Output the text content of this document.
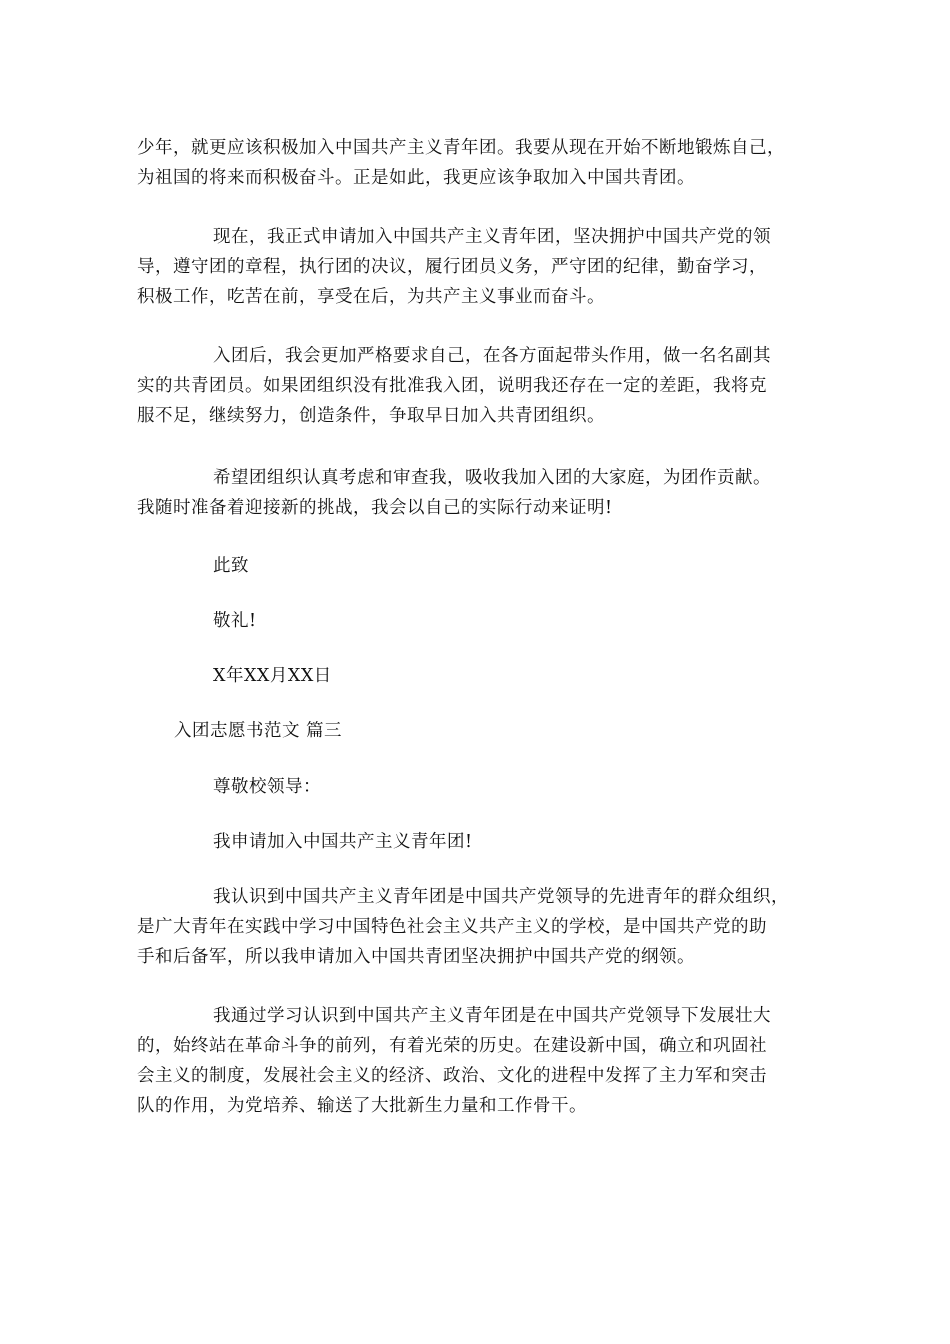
少年，就更应该积极加入中国共产主义青年团。我要从现在开始不断地锻炼自己，
为祖国的将来而积极奋斗。正是如此，我更应该争取加入中国共青团。

现在，我正式申请加入中国共产主义青年团，坚决拥护中国共产党的领
导，遵守团的章程，执行团的决议，履行团员义务，严守团的纪律，勤奋学习，
积极工作，吃苦在前，享受在后，为共产主义事业而奋斗。

入团后，我会更加严格要求自己，在各方面起带头作用，做一名名副其
实的共青团员。如果团组织没有批准我入团，说明我还存在一定的差距，我将克
服不足，继续努力，创造条件，争取早日加入共青团组织。

希望团组织认真考虑和审查我，吸收我加入团的大家庭，为团作贡献。
我随时准备着迎接新的挑战，我会以自己的实际行动来证明!

此致

敬礼!

X年XX月XX日

入团志愿书范文 篇三

尊敬校领导：

我申请加入中国共产主义青年团!

我认识到中国共产主义青年团是中国共产党领导的先进青年的群众组织，
是广大青年在实践中学习中国特色社会主义共产主义的学校，是中国共产党的助
手和后备军，所以我申请加入中国共青团坚决拥护中国共产党的纲领。

我通过学习认识到中国共产主义青年团是在中国共产党领导下发展壮大
的，始终站在革命斗争的前列，有着光荣的历史。在建设新中国，确立和巩固社
会主义的制度，发展社会主义的经济、政治、文化的进程中发挥了主力军和突击
队的作用，为党培养、输送了大批新生力量和工作骨干。
